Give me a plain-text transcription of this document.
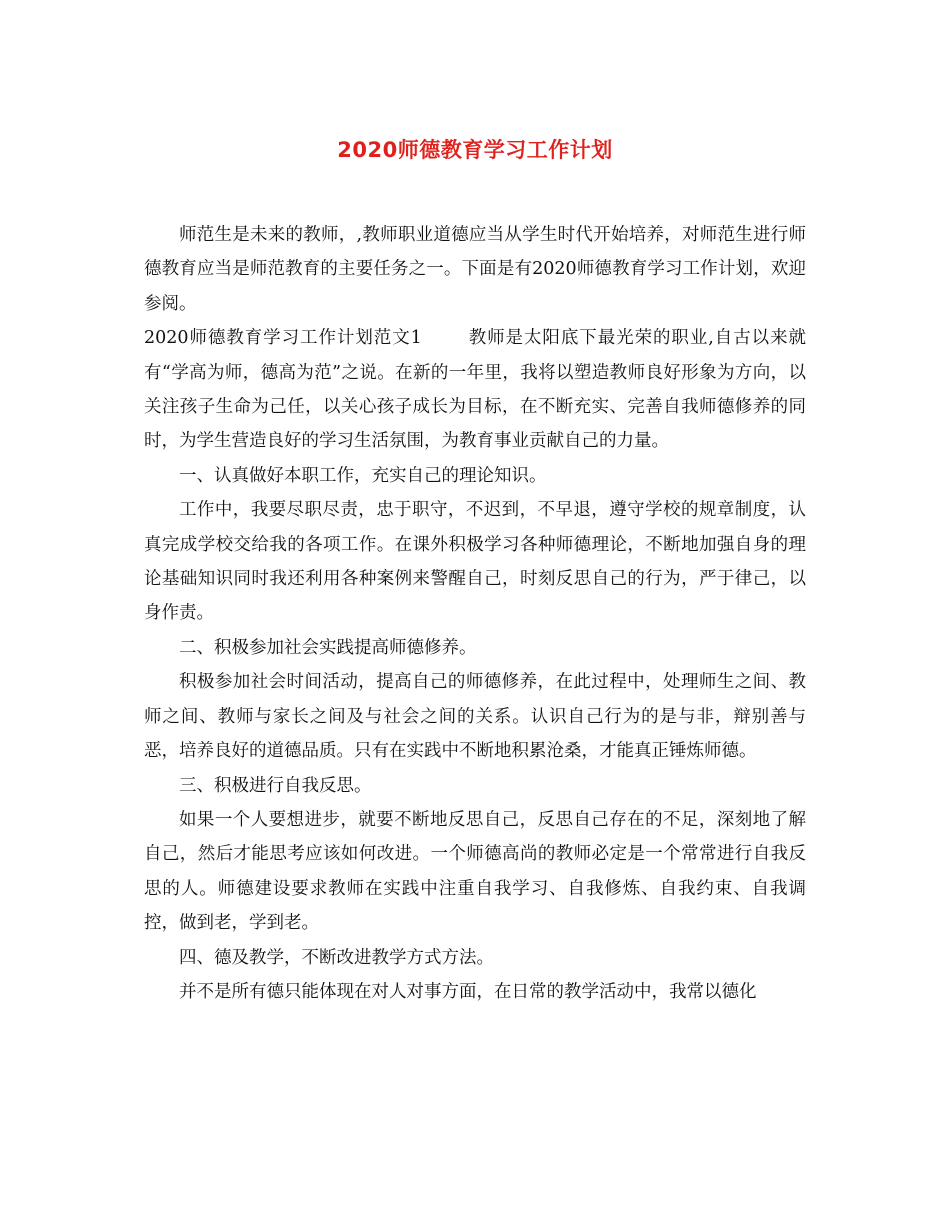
2020师德教育学习工作计划

师范生是未来的教师，,教师职业道德应当从学生时代开始培养，对师范生进行师德教育应当是师范教育的主要任务之一。下面是有2020师德教育学习工作计划，欢迎参阅。

2020师德教育学习工作计划范文1	教师是太阳底下最光荣的职业,自古以来就有“学高为师，德高为范”之说。在新的一年里，我将以塑造教师良好形象为方向，以关注孩子生命为己任，以关心孩子成长为目标，在不断充实、完善自我师德修养的同时，为学生营造良好的学习生活氛围，为教育事业贡献自己的力量。

一、认真做好本职工作，充实自己的理论知识。

工作中，我要尽职尽责，忠于职守，不迟到，不早退，遵守学校的规章制度，认真完成学校交给我的各项工作。在课外积极学习各种师德理论，不断地加强自身的理论基础知识同时我还利用各种案例来警醒自己，时刻反思自己的行为，严于律己，以身作责。

二、积极参加社会实践提高师德修养。

积极参加社会时间活动，提高自己的师德修养，在此过程中，处理师生之间、教师之间、教师与家长之间及与社会之间的关系。认识自己行为的是与非，辩别善与恶，培养良好的道德品质。只有在实践中不断地积累沧桑，才能真正锤炼师德。

三、积极进行自我反思。

如果一个人要想进步，就要不断地反思自己，反思自己存在的不足，深刻地了解自己，然后才能思考应该如何改进。一个师德高尚的教师必定是一个常常进行自我反思的人。师德建设要求教师在实践中注重自我学习、自我修炼、自我约束、自我调控，做到老，学到老。

四、德及教学，不断改进教学方式方法。

并不是所有德只能体现在对人对事方面，在日常的教学活动中，我常以德化
